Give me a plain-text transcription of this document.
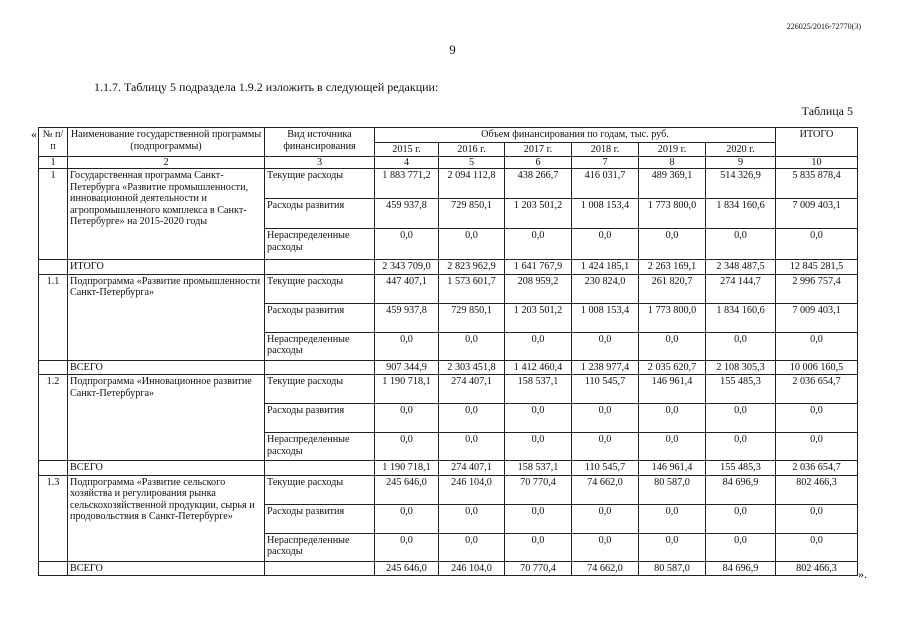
226025/2016-72770(3)
9
1.1.7. Таблицу 5 подраздела 1.9.2 изложить в следующей редакции:
Таблица 5
«
».
№ п/п	Наименование государственной программы (подпрограммы)	Вид источника финансирования	Объем финансирования по годам, тыс. руб.						ИТОГО
			2015 г.	2016 г.	2017 г.	2018 г.	2019 г.	2020 г.	
1	2	3	4	5	6	7	8	9	10
1	Государственная программа Санкт-Петербурга «Развитие промышленности, инновационной деятельности и агропромышленного комплекса в Санкт-Петербурге» на 2015-2020 годы	Текущие расходы	1 883 771,2	2 094 112,8	438 266,7	416 031,7	489 369,1	514 326,9	5 835 878,4
		Расходы развития	459 937,8	729 850,1	1 203 501,2	1 008 153,4	1 773 800,0	1 834 160,6	7 009 403,1
		Нераспределенные расходы	0,0	0,0	0,0	0,0	0,0	0,0	0,0
	ИТОГО		2 343 709,0	2 823 962,9	1 641 767,9	1 424 185,1	2 263 169,1	2 348 487,5	12 845 281,5
1.1	Подпрограмма «Развитие промышленности Санкт-Петербурга»	Текущие расходы	447 407,1	1 573 601,7	208 959,2	230 824,0	261 820,7	274 144,7	2 996 757,4
		Расходы развития	459 937,8	729 850,1	1 203 501,2	1 008 153,4	1 773 800,0	1 834 160,6	7 009 403,1
		Нераспределенные расходы	0,0	0,0	0,0	0,0	0,0	0,0	0,0
	ВСЕГО		907 344,9	2 303 451,8	1 412 460,4	1 238 977,4	2 035 620,7	2 108 305,3	10 006 160,5
1.2	Подпрограмма «Инновационное развитие Санкт-Петербурга»	Текущие расходы	1 190 718,1	274 407,1	158 537,1	110 545,7	146 961,4	155 485,3	2 036 654,7
		Расходы развития	0,0	0,0	0,0	0,0	0,0	0,0	0,0
		Нераспределенные расходы	0,0	0,0	0,0	0,0	0,0	0,0	0,0
	ВСЕГО		1 190 718,1	274 407,1	158 537,1	110 545,7	146 961,4	155 485,3	2 036 654,7
1.3	Подпрограмма «Развитие сельского хозяйства и регулирования рынка сельскохозяйственной продукции, сырья и продовольствия в Санкт-Петербурге»	Текущие расходы	245 646,0	246 104,0	70 770,4	74 662,0	80 587,0	84 696,9	802 466,3
		Расходы развития	0,0	0,0	0,0	0,0	0,0	0,0	0,0
		Нераспределенные расходы	0,0	0,0	0,0	0,0	0,0	0,0	0,0
	ВСЕГО		245 646,0	246 104,0	70 770,4	74 662,0	80 587,0	84 696,9	802 466,3
